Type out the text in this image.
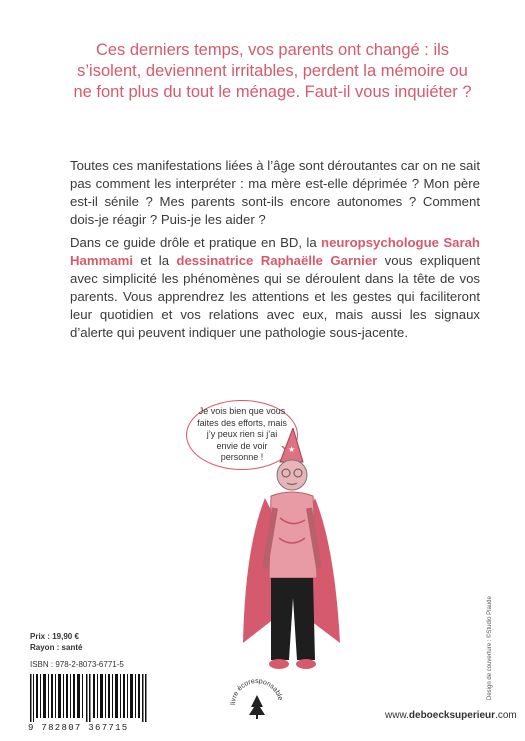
Ces derniers temps, vos parents ont changé : ils s’isolent, deviennent irritables, perdent la mémoire ou ne font plus du tout le ménage. Faut-il vous inquiéter ?

Toutes ces manifestations liées à l’âge sont déroutantes car on ne sait pas comment les interpréter : ma mère est-elle déprimée ? Mon père est-il sénile ? Mes parents sont-ils encore autonomes ? Comment dois-je réagir ? Puis-je les aider ?

Dans ce guide drôle et pratique en BD, la neuropsychologue Sarah Hammami et la dessinatrice Raphaëlle Garnier vous expliquent avec simplicité les phénomènes qui se déroulent dans la tête de vos parents. Vous apprendrez les attentions et les gestes qui faciliteront leur quotidien et vos relations avec eux, mais aussi les signaux d’alerte qui peuvent indiquer une pathologie sous-jacente.

Je vois bien que vous faites des efforts, mais j’y peux rien si j’ai envie de voir personne !
★
Design de couverture : ©Studio Plaude
Prix : 19,90 €
Rayon : santé
ISBN : 978-2-8073-6771-5
9 782807 367715
livre écoresponsable
www.deboecksuperieur.com
